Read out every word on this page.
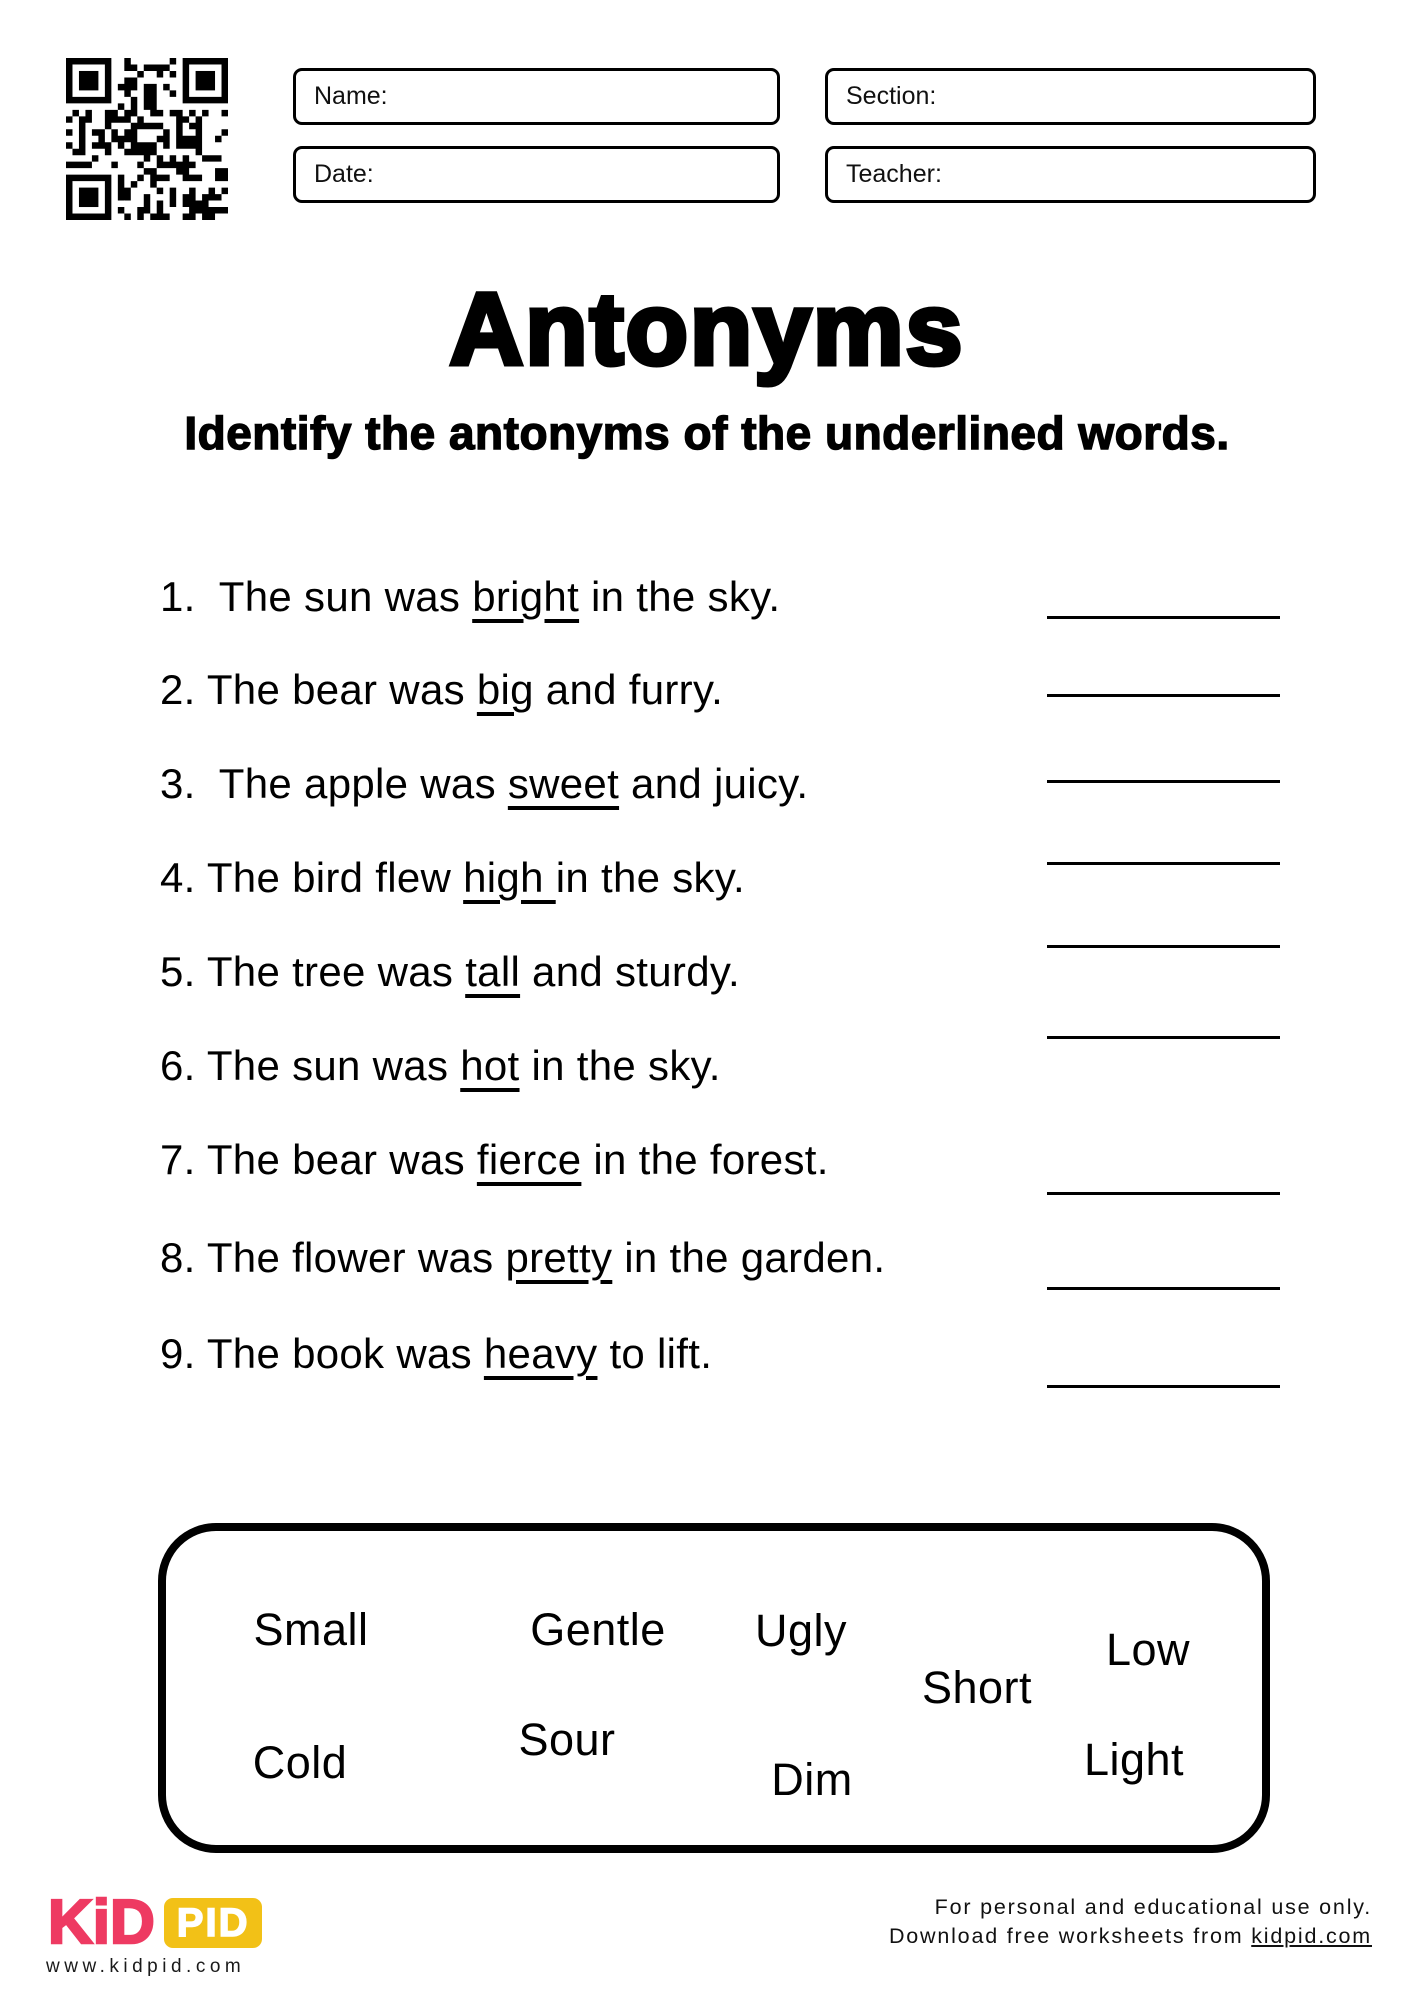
Name:	Section:
Date:	Teacher:
Antonyms
Identify the antonyms of the underlined words.
1.  The sun was bright in the sky.
2. The bear was big and furry.
3.  The apple was sweet and juicy.
4. The bird flew high in the sky.
5. The tree was tall and sturdy.
6. The sun was hot in the sky.
7. The bear was fierce in the forest.
8. The flower was pretty in the garden.
9. The book was heavy to lift.
Small	Gentle Ugly
Short
Low
Cold	Sour
Dim	Light
KiD PID
www.kidpid.com
For personal and educational use only.
Download free worksheets from kidpid.com
